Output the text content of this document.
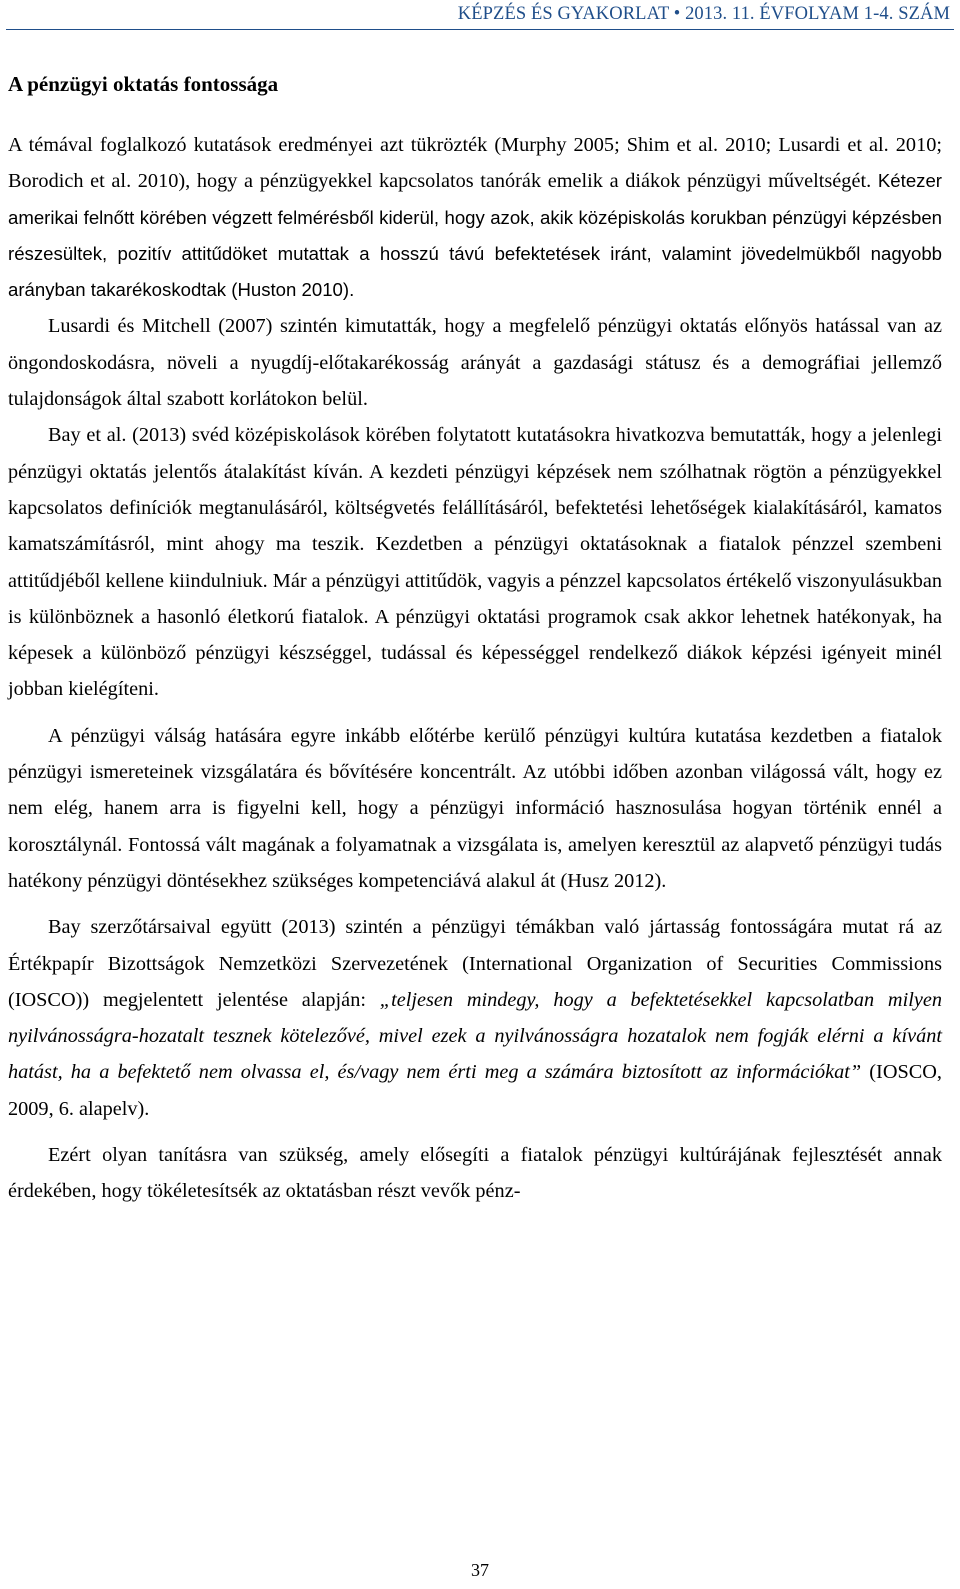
KÉPZÉS ÉS GYAKORLAT • 2013. 11. ÉVFOLYAM 1-4. SZÁM
A pénzügyi oktatás fontossága

A témával foglalkozó kutatások eredményei azt tükrözték (Murphy 2005; Shim et al. 2010; Lusardi et al. 2010; Borodich et al. 2010), hogy a pénzügyekkel kapcsolatos tanórák emelik a diákok pénzügyi műveltségét. Kétezer amerikai felnőtt körében végzett felmérésből kiderül, hogy azok, akik középiskolás korukban pénzügyi képzésben részesültek, pozitív attitűdöket mutattak a hosszú távú befektetések iránt, valamint jövedelmükből nagyobb arányban takarékoskodtak (Huston 2010).

Lusardi és Mitchell (2007) szintén kimutatták, hogy a megfelelő pénzügyi oktatás előnyös hatással van az öngondoskodásra, növeli a nyugdíj-előtakarékosság arányát a gazdasági státusz és a demográfiai jellemző tulajdonságok által szabott korlátokon belül.

Bay et al. (2013) svéd középiskolások körében folytatott kutatásokra hivatkozva bemutatták, hogy a jelenlegi pénzügyi oktatás jelentős átalakítást kíván. A kezdeti pénzügyi képzések nem szólhatnak rögtön a pénzügyekkel kapcsolatos definíciók megtanulásáról, költségvetés felállításáról, befektetési lehetőségek kialakításáról, kamatos kamatszámításról, mint ahogy ma teszik. Kezdetben a pénzügyi oktatásoknak a fiatalok pénzzel szembeni attitűdjéből kellene kiindulniuk. Már a pénzügyi attitűdök, vagyis a pénzzel kapcsolatos értékelő viszonyulásukban is különböznek a hasonló életkorú fiatalok. A pénzügyi oktatási programok csak akkor lehetnek hatékonyak, ha képesek a különböző pénzügyi készséggel, tudással és képességgel rendelkező diákok képzési igényeit minél jobban kielégíteni.

A pénzügyi válság hatására egyre inkább előtérbe kerülő pénzügyi kultúra kutatása kezdetben a fiatalok pénzügyi ismereteinek vizsgálatára és bővítésére koncentrált. Az utóbbi időben azonban világossá vált, hogy ez nem elég, hanem arra is figyelni kell, hogy a pénzügyi információ hasznosulása hogyan történik ennél a korosztálynál. Fontossá vált magának a folyamatnak a vizsgálata is, amelyen keresztül az alapvető pénzügyi tudás hatékony pénzügyi döntésekhez szükséges kompetenciává alakul át (Husz 2012).

Bay szerzőtársaival együtt (2013) szintén a pénzügyi témákban való jártasság fontosságára mutat rá az Értékpapír Bizottságok Nemzetközi Szervezetének (International Organization of Securities Commissions (IOSCO)) megjelentett jelentése alapján: „teljesen mindegy, hogy a befektetésekkel kapcsolatban milyen nyilvánosságra-hozatalt tesznek kötelezővé, mivel ezek a nyilvánosságra hozatalok nem fogják elérni a kívánt hatást, ha a befektető nem olvassa el, és/vagy nem érti meg a számára biztosított az információkat” (IOSCO, 2009, 6. alapelv).

Ezért olyan tanításra van szükség, amely elősegíti a fiatalok pénzügyi kultúrájának fejlesztését annak érdekében, hogy tökéletesítsék az oktatásban részt vevők pénz-

37
